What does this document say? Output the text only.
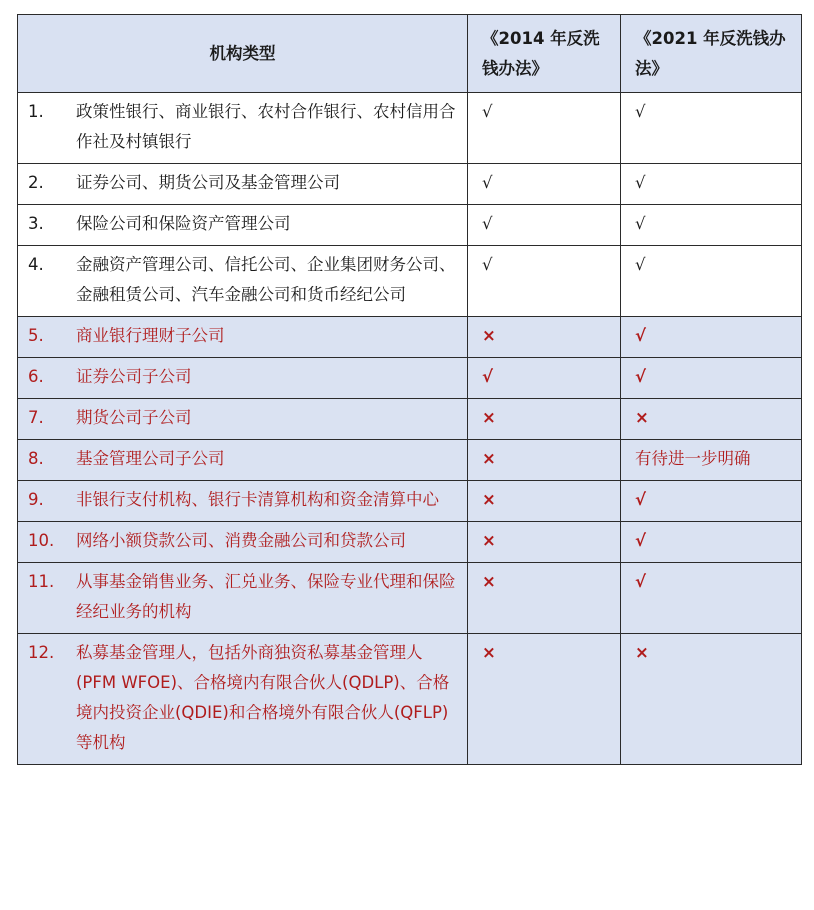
机构类型	《2014 年反洗钱办法》	《2021 年反洗钱办法》

1. 政策性银行、商业银行、农村合作银行、农村信用合作社及村镇银行	√	√

2. 证券公司、期货公司及基金管理公司	√	√

3. 保险公司和保险资产管理公司	√	√

4. 金融资产管理公司、信托公司、企业集团财务公司、金融租赁公司、汽车金融公司和货币经纪公司	√	√

5. 商业银行理财子公司	×	√

6. 证券公司子公司	√	√

7. 期货公司子公司	×	×

8. 基金管理公司子公司	×	有待进一步明确

9. 非银行支付机构、银行卡清算机构和资金清算中心	×	√

10. 网络小额贷款公司、消费金融公司和贷款公司	×	√

11. 从事基金销售业务、汇兑业务、保险专业代理和保险经纪业务的机构	×	√

12. 私募基金管理人，包括外商独资私募基金管理人(PFM WFOE)、合格境内有限合伙人(QDLP)、合格境内投资企业(QDIE)和合格境外有限合伙人(QFLP)等机构	×	×
